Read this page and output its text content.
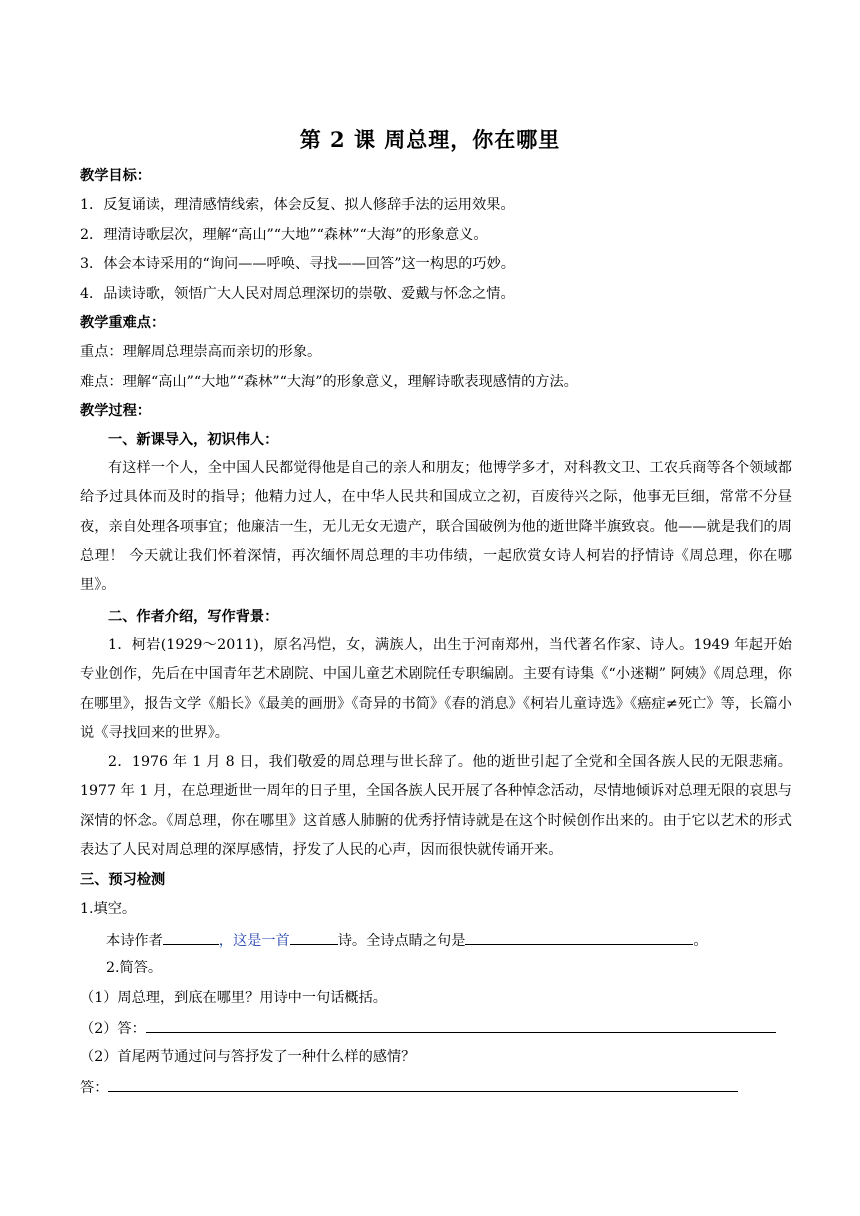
第 2 课 周总理，你在哪里
教学目标：
1．反复诵读，理清感情线索，体会反复、拟人修辞手法的运用效果。
2．理清诗歌层次，理解“高山”“大地”“森林”“大海”的形象意义。
3．体会本诗采用的“询问——呼唤、寻找——回答”这一构思的巧妙。
4．品读诗歌，领悟广大人民对周总理深切的崇敬、爱戴与怀念之情。
教学重难点：
重点：理解周总理崇高而亲切的形象。
难点：理解“高山”“大地”“森林”“大海”的形象意义，理解诗歌表现感情的方法。
教学过程：
一、新课导入，初识伟人：
有这样一个人，全中国人民都觉得他是自己的亲人和朋友；他博学多才，对科教文卫、工农兵商等各个领域都给予过具体而及时的指导；他精力过人，在中华人民共和国成立之初，百废待兴之际，他事无巨细，常常不分昼夜，亲自处理各项事宜；他廉洁一生，无儿无女无遗产，联合国破例为他的逝世降半旗致哀。他——就是我们的周总理！ 今天就让我们怀着深情，再次缅怀周总理的丰功伟绩，一起欣赏女诗人柯岩的抒情诗《周总理，你在哪里》。
二、作者介绍，写作背景：
1．柯岩(1929～2011)，原名冯恺，女，满族人，出生于河南郑州，当代著名作家、诗人。1949 年起开始专业创作，先后在中国青年艺术剧院、中国儿童艺术剧院任专职编剧。主要有诗集《“小迷糊” 阿姨》《周总理，你在哪里》，报告文学《船长》《最美的画册》《奇异的书简》《春的消息》《柯岩儿童诗选》《癌症≠死亡》等，长篇小说《寻找回来的世界》。
2．1976 年 1 月 8 日，我们敬爱的周总理与世长辞了。他的逝世引起了全党和全国各族人民的无限悲痛。1977 年 1 月，在总理逝世一周年的日子里，全国各族人民开展了各种悼念活动，尽情地倾诉对总理无限的哀思与深情的怀念。《周总理，你在哪里》这首感人肺腑的优秀抒情诗就是在这个时候创作出来的。由于它以艺术的形式表达了人民对周总理的深厚感情，抒发了人民的心声，因而很快就传诵开来。
三、预习检测
1.填空。
本诗作者	，这是一首	诗。全诗点睛之句是	。
2.简答。
（1）周总理，到底在哪里？用诗中一句话概括。
（2）答：
（2）首尾两节通过问与答抒发了一种什么样的感情？
答：
